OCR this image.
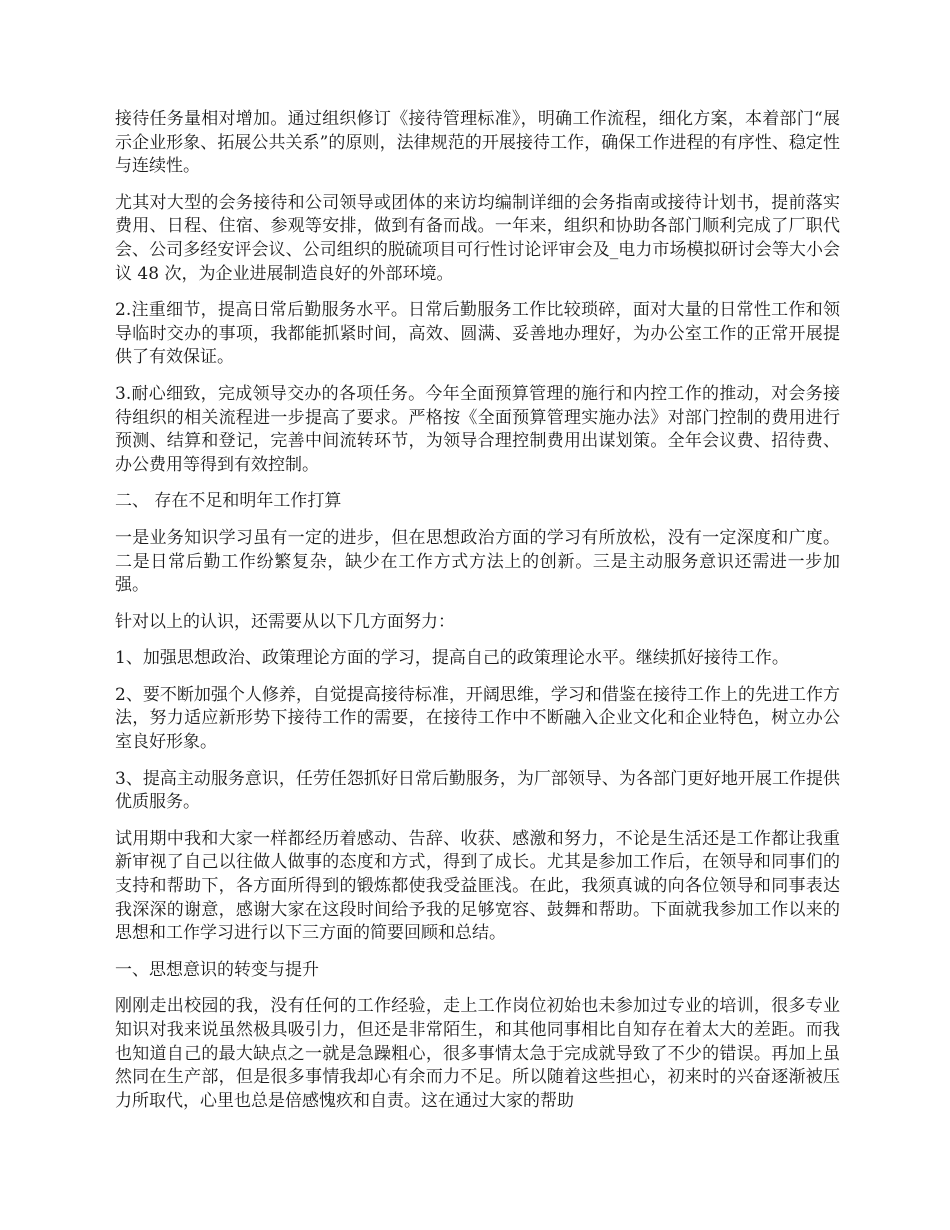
接待任务量相对增加。通过组织修订《接待管理标准》，明确工作流程，细化方案，本着部门“展示企业形象、拓展公共关系”的原则，法律规范的开展接待工作，确保工作进程的有序性、稳定性与连续性。

尤其对大型的会务接待和公司领导或团体的来访均编制详细的会务指南或接待计划书，提前落实费用、日程、住宿、参观等安排，做到有备而战。一年来，组织和协助各部门顺利完成了厂职代会、公司多经安评会议、公司组织的脱硫项目可行性讨论评审会及_电力市场模拟研讨会等大小会议 48 次，为企业进展制造良好的外部环境。

2.注重细节，提高日常后勤服务水平。日常后勤服务工作比较琐碎，面对大量的日常性工作和领导临时交办的事项，我都能抓紧时间，高效、圆满、妥善地办理好，为办公室工作的正常开展提供了有效保证。

3.耐心细致，完成领导交办的各项任务。今年全面预算管理的施行和内控工作的推动，对会务接待组织的相关流程进一步提高了要求。严格按《全面预算管理实施办法》对部门控制的费用进行预测、结算和登记，完善中间流转环节，为领导合理控制费用出谋划策。全年会议费、招待费、办公费用等得到有效控制。

二、 存在不足和明年工作打算

一是业务知识学习虽有一定的进步，但在思想政治方面的学习有所放松，没有一定深度和广度。二是日常后勤工作纷繁复杂，缺少在工作方式方法上的创新。三是主动服务意识还需进一步加强。

针对以上的认识，还需要从以下几方面努力：

1、加强思想政治、政策理论方面的学习，提高自己的政策理论水平。继续抓好接待工作。

2、要不断加强个人修养，自觉提高接待标准，开阔思维，学习和借鉴在接待工作上的先进工作方法，努力适应新形势下接待工作的需要，在接待工作中不断融入企业文化和企业特色，树立办公室良好形象。

3、提高主动服务意识，任劳任怨抓好日常后勤服务，为厂部领导、为各部门更好地开展工作提供优质服务。

试用期中我和大家一样都经历着感动、告辞、收获、感激和努力，不论是生活还是工作都让我重新审视了自己以往做人做事的态度和方式，得到了成长。尤其是参加工作后，在领导和同事们的支持和帮助下，各方面所得到的锻炼都使我受益匪浅。在此，我须真诚的向各位领导和同事表达我深深的谢意，感谢大家在这段时间给予我的足够宽容、鼓舞和帮助。下面就我参加工作以来的思想和工作学习进行以下三方面的简要回顾和总结。

一、思想意识的转变与提升

刚刚走出校园的我，没有任何的工作经验，走上工作岗位初始也未参加过专业的培训，很多专业知识对我来说虽然极具吸引力，但还是非常陌生，和其他同事相比自知存在着太大的差距。而我也知道自己的最大缺点之一就是急躁粗心，很多事情太急于完成就导致了不少的错误。再加上虽然同在生产部，但是很多事情我却心有余而力不足。所以随着这些担心，初来时的兴奋逐渐被压力所取代，心里也总是倍感愧疚和自责。这在通过大家的帮助
